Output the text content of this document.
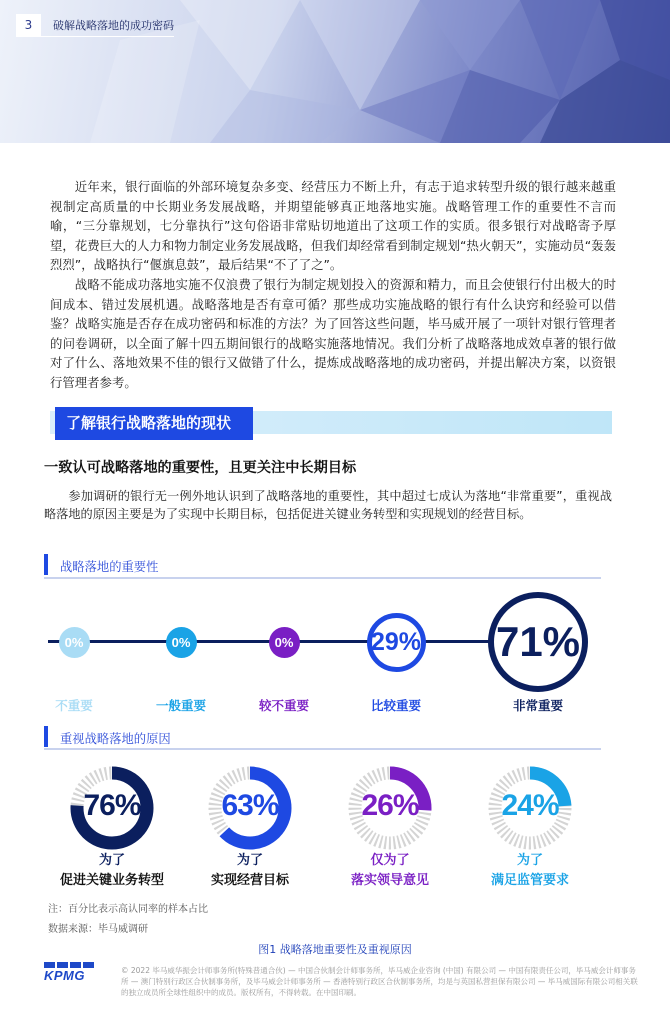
3	破解战略落地的成功密码

近年来，银行面临的外部环境复杂多变、经营压力不断上升，有志于追求转型升级的银行越来越重视制定高质量的中长期业务发展战略，并期望能够真正地落地实施。战略管理工作的重要性不言而喻，“三分靠规划，七分靠执行”这句俗语非常贴切地道出了这项工作的实质。很多银行对战略寄予厚望，花费巨大的人力和物力制定业务发展战略，但我们却经常看到制定规划“热火朝天”，实施动员“轰轰烈烈”，战略执行“偃旗息鼓”，最后结果“不了了之”。

战略不能成功落地实施不仅浪费了银行为制定规划投入的资源和精力，而且会使银行付出极大的时间成本、错过发展机遇。战略落地是否有章可循？那些成功实施战略的银行有什么诀窍和经验可以借鉴？战略实施是否存在成功密码和标准的方法？为了回答这些问题，毕马威开展了一项针对银行管理者的问卷调研，以全面了解十四五期间银行的战略实施落地情况。我们分析了战略落地成效卓著的银行做对了什么、落地效果不佳的银行又做错了什么，提炼成战略落地的成功密码，并提出解决方案，以资银行管理者参考。

了解银行战略落地的现状
一致认可战略落地的重要性，且更关注中长期目标

参加调研的银行无一例外地认识到了战略落地的重要性，其中超过七成认为落地“非常重要”，重视战略落地的原因主要是为了实现中长期目标，包括促进关键业务转型和实现规划的经营目标。

战略落地的重要性
0%
不重要
0%
一般重要
0%
较不重要
29%
比较重要
71%
非常重要
重视战略落地的原因
76%
为了
促进关键业务转型
63%
为了
实现经营目标
26%
仅为了
落实领导意见
24%
为了
满足监管要求
注：百分比表示高认同率的样本占比
数据来源：毕马威调研
图1 战略落地重要性及重视原因
KPMG	© 2022 毕马威华振会计师事务所(特殊普通合伙) — 中国合伙制会计师事务所，毕马威企业咨询 (中国) 有限公司 — 中国有限责任公司，毕马威会计师事务所 — 澳门特别行政区合伙制事务所，及毕马威会计师事务所 — 香港特别行政区合伙制事务所，均是与英国私营担保有限公司 — 毕马威国际有限公司相关联的独立成员所全球性组织中的成员。版权所有，不得转载。在中国印刷。
